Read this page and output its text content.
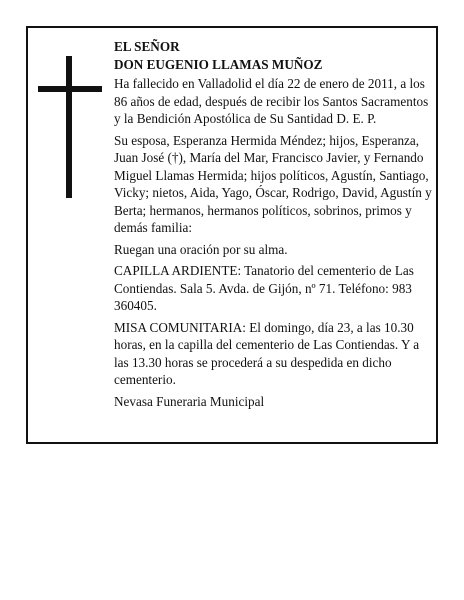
EL SEÑOR

DON EUGENIO LLAMAS MUÑOZ

Ha fallecido en Valladolid el día 22 de enero de 2011, a los 86 años de edad, después de recibir los Santos Sacramentos y la Bendición Apostólica de Su Santidad D. E. P.

Su esposa, Esperanza Hermida Méndez; hijos, Esperanza, Juan José (†), María del Mar, Francisco Javier, y Fernando Miguel Llamas Hermida; hijos políticos, Agustín, Santiago, Vicky; nietos, Aida, Yago, Óscar, Rodrigo, David, Agustín y Berta; hermanos, hermanos políticos, sobrinos, primos y demás familia:

Ruegan una oración por su alma.

CAPILLA ARDIENTE: Tanatorio del cementerio de Las Contiendas. Sala 5. Avda. de Gijón, nº 71. Teléfono: 983 360405.

MISA COMUNITARIA: El domingo, día 23, a las 10.30 horas, en la capilla del cementerio de Las Contiendas. Y a las 13.30 horas se procederá a su despedida en dicho cementerio.

Nevasa Funeraria Municipal
